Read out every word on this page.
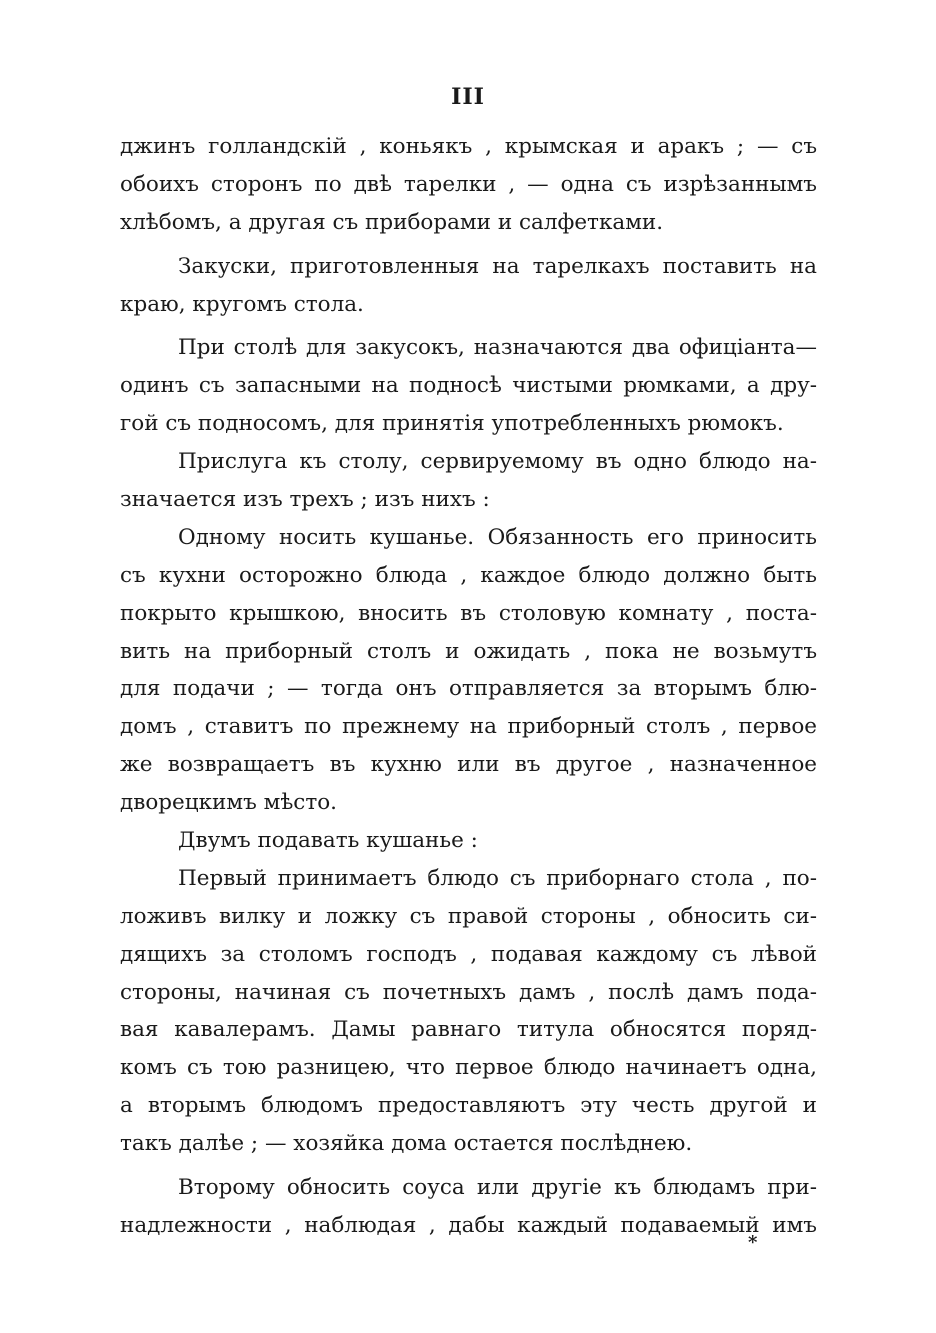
III
джинъ голландскій , коньякъ , крымская и аракъ ; — съ
обоихъ сторонъ по двѣ тарелки , — одна съ изрѣзаннымъ
хлѣбомъ, а другая съ приборами и салфетками.
Закуски, приготовленныя на тарелкахъ поставить на
краю, кругомъ стола.
При столѣ для закусокъ, назначаются два офиціанта—
одинъ съ запасными на подносѣ чистыми рюмками, а дру-
гой съ подносомъ, для принятія употребленныхъ рюмокъ.
Прислуга къ столу, сервируемому въ одно блюдо на-
значается изъ трехъ ; изъ нихъ :
Одному носить кушанье. Обязанность его приносить
съ кухни осторожно блюда , каждое блюдо должно быть
покрыто крышкою, вносить въ столовую комнату , поста-
вить на приборный столъ и ожидать , пока не возьмутъ
для подачи ; — тогда онъ отправляется за вторымъ блю-
домъ , ставитъ по прежнему на приборный столъ , первое
же возвращаетъ въ кухню или въ другое , назначенное
дворецкимъ мѣсто.
Двумъ подавать кушанье :
Первый принимаетъ блюдо съ приборнаго стола , по-
ложивъ вилку и ложку съ правой стороны , обносить си-
дящихъ за столомъ господъ , подавая каждому съ лѣвой
стороны, начиная съ почетныхъ дамъ , послѣ дамъ пода-
вая кавалерамъ. Дамы равнаго титула обносятся поряд-
комъ съ тою разницею, что первое блюдо начинаетъ одна,
а вторымъ блюдомъ предоставляютъ эту честь другой и
такъ далѣе ; — хозяйка дома остается послѣднею.
Второму обносить соуса или другіе къ блюдамъ при-
надлежности , наблюдая , дабы каждый подаваемый имъ
*
